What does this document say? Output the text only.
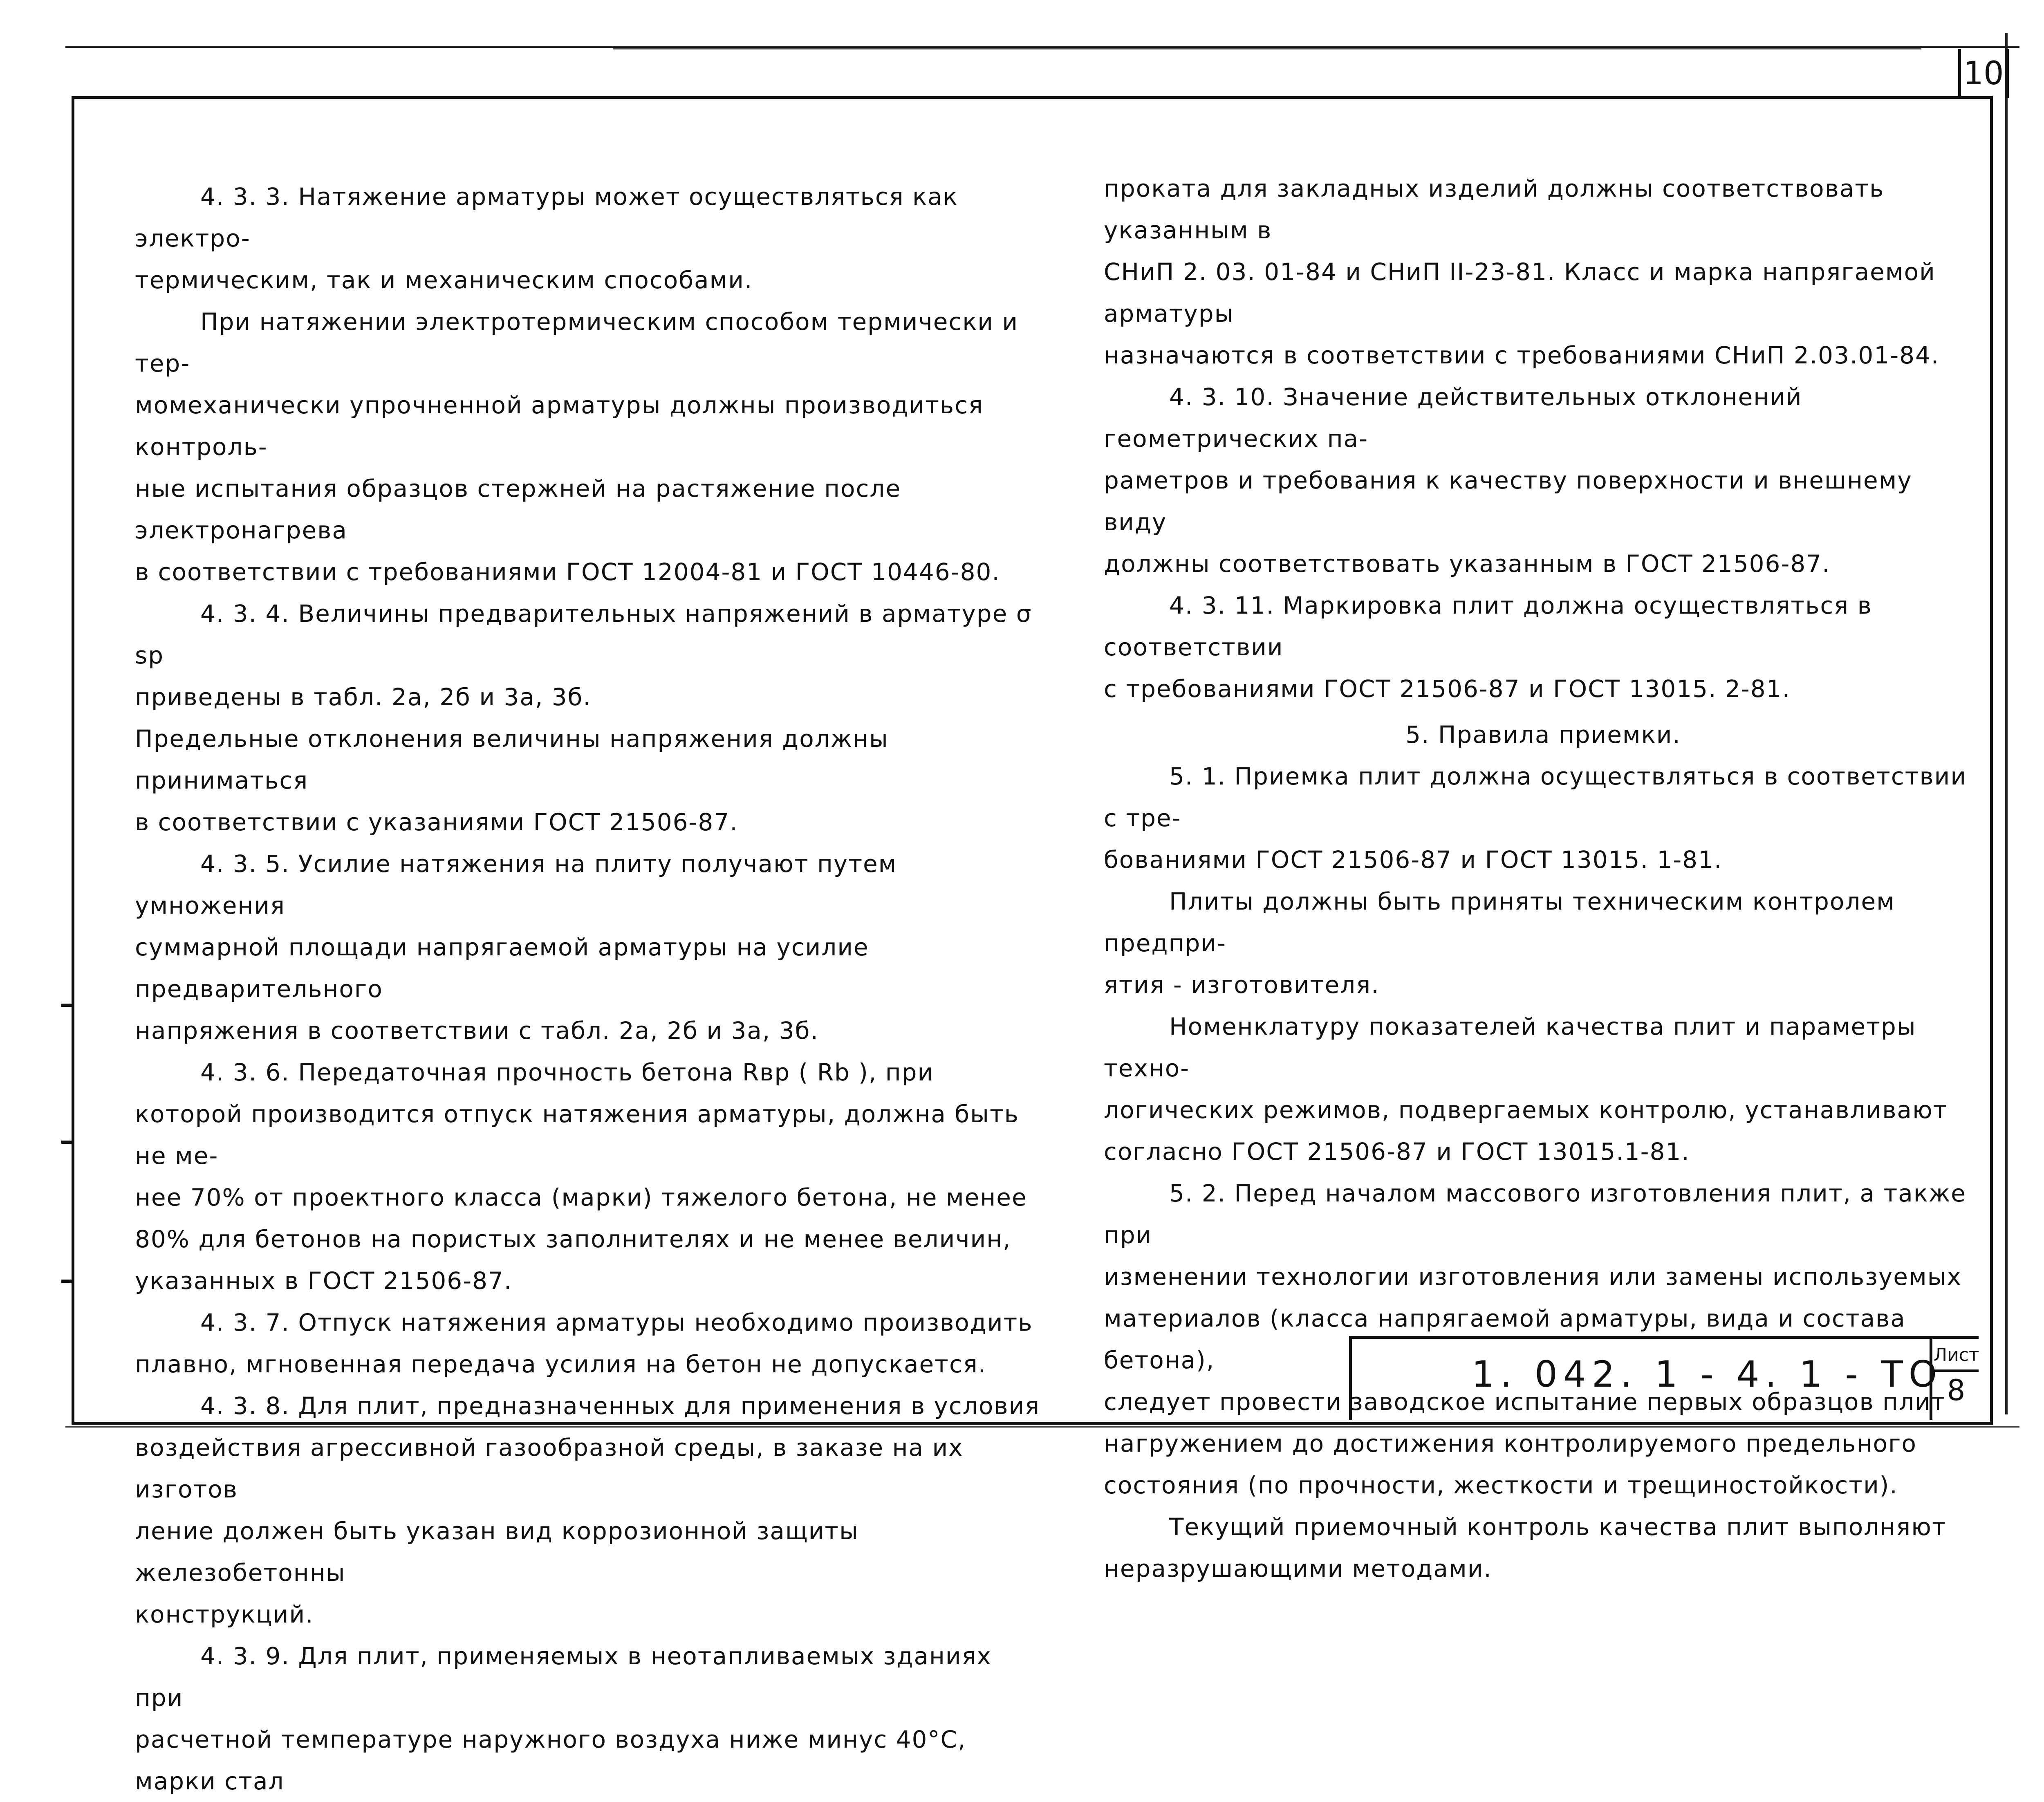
10

4. 3. 3. Натяжение арматуры может осуществляться как электро-

термическим, так и механическим способами.

При натяжении электротермическим способом термически и тер-

момеханически упрочненной арматуры должны производиться контроль-

ные испытания образцов стержней на растяжение после электронагрева

в соответствии с требованиями ГОСТ 12004-81 и ГОСТ 10446-80.

4. 3. 4. Величины предварительных напряжений в арматуре σ sp

приведены в табл. 2а, 2б и 3а, 3б.

Предельные отклонения величины напряжения должны приниматься

в соответствии с указаниями ГОСТ 21506-87.

4. 3. 5. Усилие натяжения на плиту получают путем умножения

суммарной площади напрягаемой арматуры на усилие предварительного

напряжения в соответствии с табл. 2а, 2б и 3а, 3б.

4. 3. 6. Передаточная прочность бетона Rвр ( Rb ), при

которой производится отпуск натяжения арматуры, должна быть не ме-

нее 70% от проектного класса (марки) тяжелого бетона, не менее

80% для бетонов на пористых заполнителях и не менее величин,

указанных в ГОСТ 21506-87.

4. 3. 7. Отпуск натяжения арматуры необходимо производить

плавно, мгновенная передача усилия на бетон не допускается.

4. 3. 8. Для плит, предназначенных для применения в условия

воздействия агрессивной газообразной среды, в заказе на их изготов

ление должен быть указан вид коррозионной защиты железобетонны

конструкций.

4. 3. 9. Для плит, применяемых в неотапливаемых зданиях при

расчетной температуре наружного воздуха ниже минус 40°С, марки стал

проката для закладных изделий должны соответствовать указанным в

СНиП 2. 03. 01-84 и СНиП II-23-81. Класс и марка напрягаемой арматуры

назначаются в соответствии с требованиями СНиП 2.03.01-84.

4. 3. 10. Значение действительных отклонений геометрических па-

раметров и требования к качеству поверхности и внешнему виду

должны соответствовать указанным в ГОСТ 21506-87.

4. 3. 11. Маркировка плит должна осуществляться в соответствии

с требованиями ГОСТ 21506-87 и ГОСТ 13015. 2-81.

5. Правила приемки.

5. 1. Приемка плит должна осуществляться в соответствии с тре-

бованиями ГОСТ 21506-87 и ГОСТ 13015. 1-81.

Плиты должны быть приняты техническим контролем предпри-

ятия - изготовителя.

Номенклатуру показателей качества плит и параметры техно-

логических режимов, подвергаемых контролю, устанавливают

согласно ГОСТ 21506-87 и ГОСТ 13015.1-81.

5. 2. Перед началом массового изготовления плит, а также при

изменении технологии изготовления или замены используемых

материалов (класса напрягаемой арматуры, вида и состава бетона),

следует провести заводское испытание первых образцов плит

нагружением до достижения контролируемого предельного

состояния (по прочности, жесткости и трещиностойкости).

Текущий приемочный контроль качества плит выполняют

неразрушающими методами.

1. 042. 1 - 4. 1 - ТО
Лист
8
